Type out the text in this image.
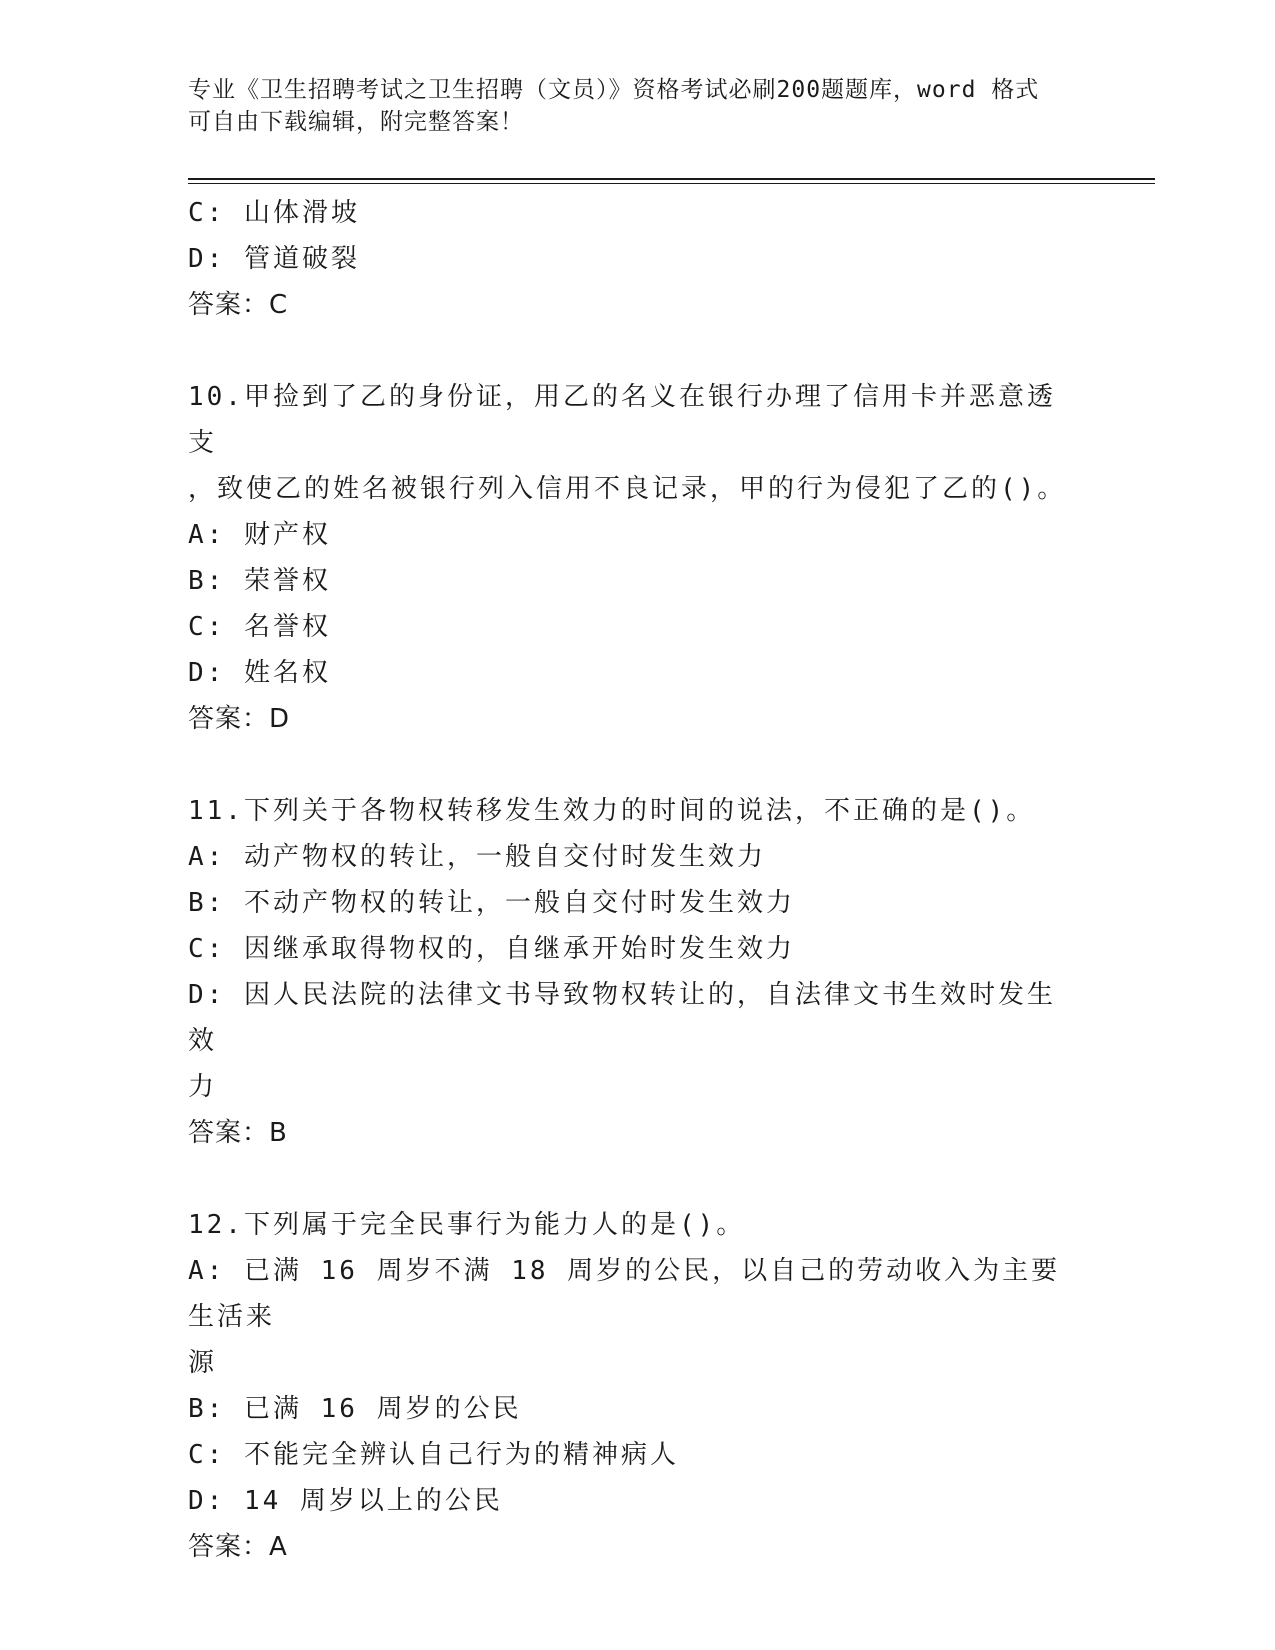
专业《卫生招聘考试之卫生招聘（文员）》资格考试必刷200题题库，word 格式
可自由下载编辑，附完整答案！
C: 山体滑坡
D: 管道破裂
答案：C
10.甲捡到了乙的身份证，用乙的名义在银行办理了信用卡并恶意透支
，致使乙的姓名被银行列入信用不良记录，甲的行为侵犯了乙的()。
A: 财产权
B: 荣誉权
C: 名誉权
D: 姓名权
答案：D
11.下列关于各物权转移发生效力的时间的说法，不正确的是()。
A: 动产物权的转让，一般自交付时发生效力
B: 不动产物权的转让，一般自交付时发生效力
C: 因继承取得物权的，自继承开始时发生效力
D: 因人民法院的法律文书导致物权转让的，自法律文书生效时发生效
力
答案：B
12.下列属于完全民事行为能力人的是()。
A: 已满 16 周岁不满 18 周岁的公民，以自己的劳动收入为主要生活来
源
B: 已满 16 周岁的公民
C: 不能完全辨认自己行为的精神病人
D: 14 周岁以上的公民
答案：A
